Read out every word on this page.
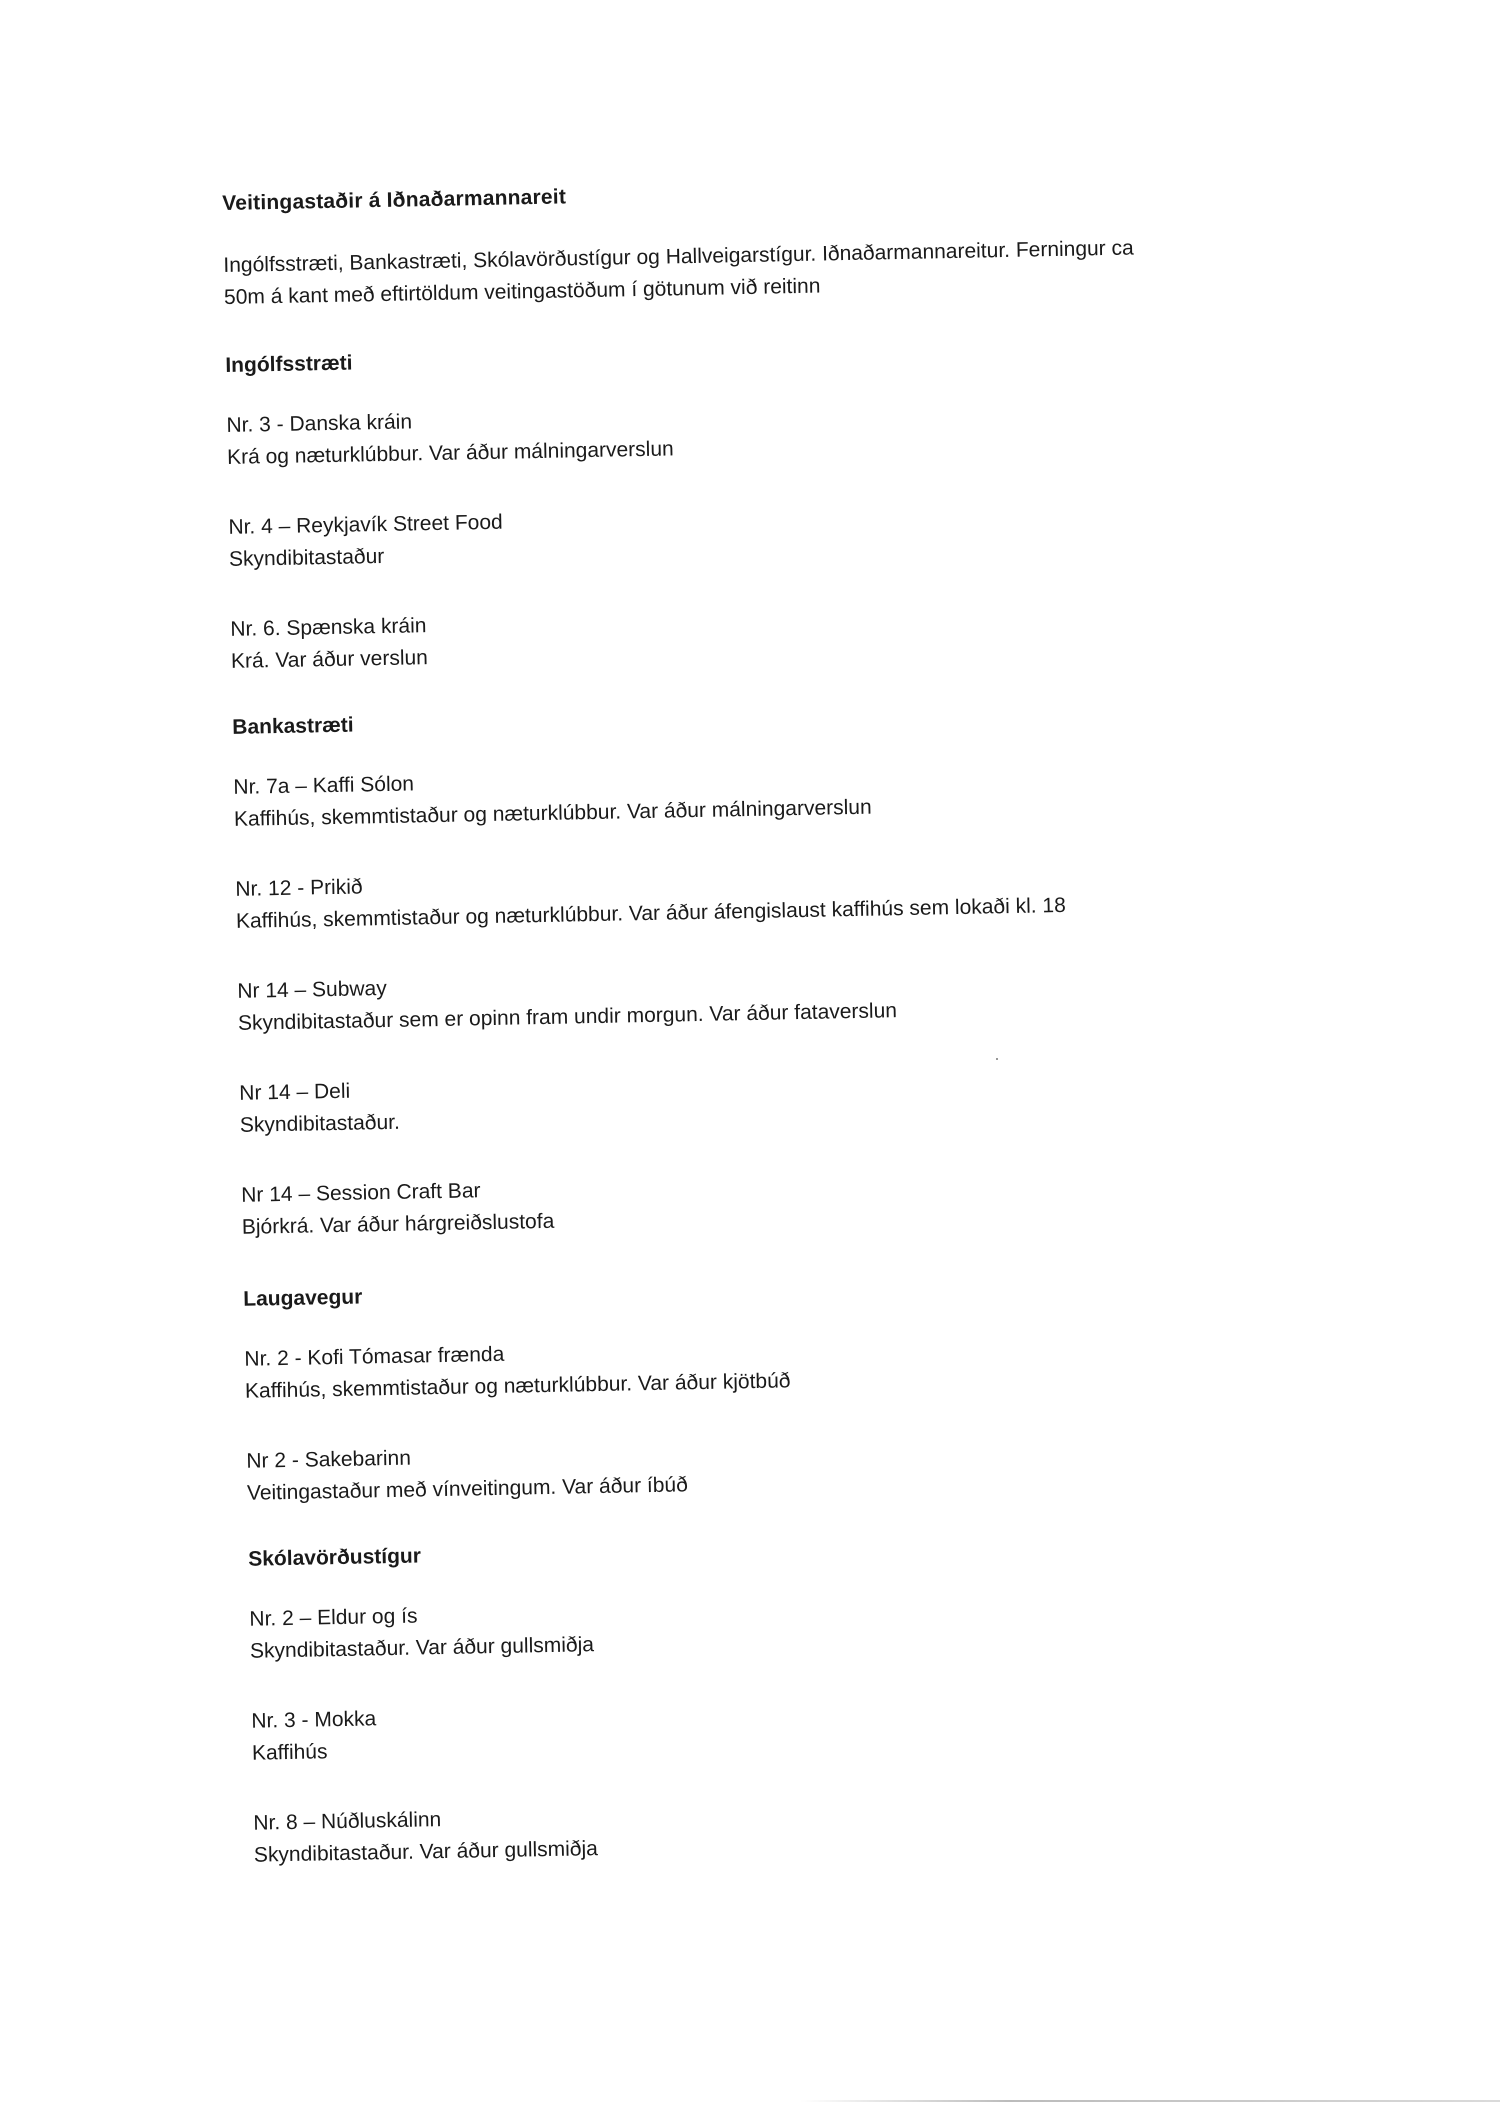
Veitingastaðir á Iðnaðarmannareit
Ingólfsstræti, Bankastræti, Skólavörðustígur og Hallveigarstígur. Iðnaðarmannareitur. Ferningur ca
50m á kant með eftirtöldum veitingastöðum í götunum við reitinn
Ingólfsstræti
Nr. 3 - Danska kráin
Krá og næturklúbbur. Var áður málningarverslun
Nr. 4 – Reykjavík Street Food
Skyndibitastaður
Nr. 6. Spænska kráin
Krá. Var áður verslun
Bankastræti
Nr. 7a – Kaffi Sólon
Kaffihús, skemmtistaður og næturklúbbur. Var áður málningarverslun
Nr. 12 - Prikið
Kaffihús, skemmtistaður og næturklúbbur. Var áður áfengislaust kaffihús sem lokaði kl. 18
Nr 14 – Subway
Skyndibitastaður sem er opinn fram undir morgun. Var áður fataverslun
Nr 14 – Deli
Skyndibitastaður.
Nr 14 – Session Craft Bar
Bjórkrá. Var áður hárgreiðslustofa
Laugavegur
Nr. 2 - Kofi Tómasar frænda
Kaffihús, skemmtistaður og næturklúbbur. Var áður kjötbúð
Nr 2 - Sakebarinn
Veitingastaður með vínveitingum. Var áður íbúð
Skólavörðustígur
Nr. 2 – Eldur og ís
Skyndibitastaður. Var áður gullsmiðja
Nr. 3 - Mokka
Kaffihús
Nr. 8 – Núðluskálinn
Skyndibitastaður. Var áður gullsmiðja
